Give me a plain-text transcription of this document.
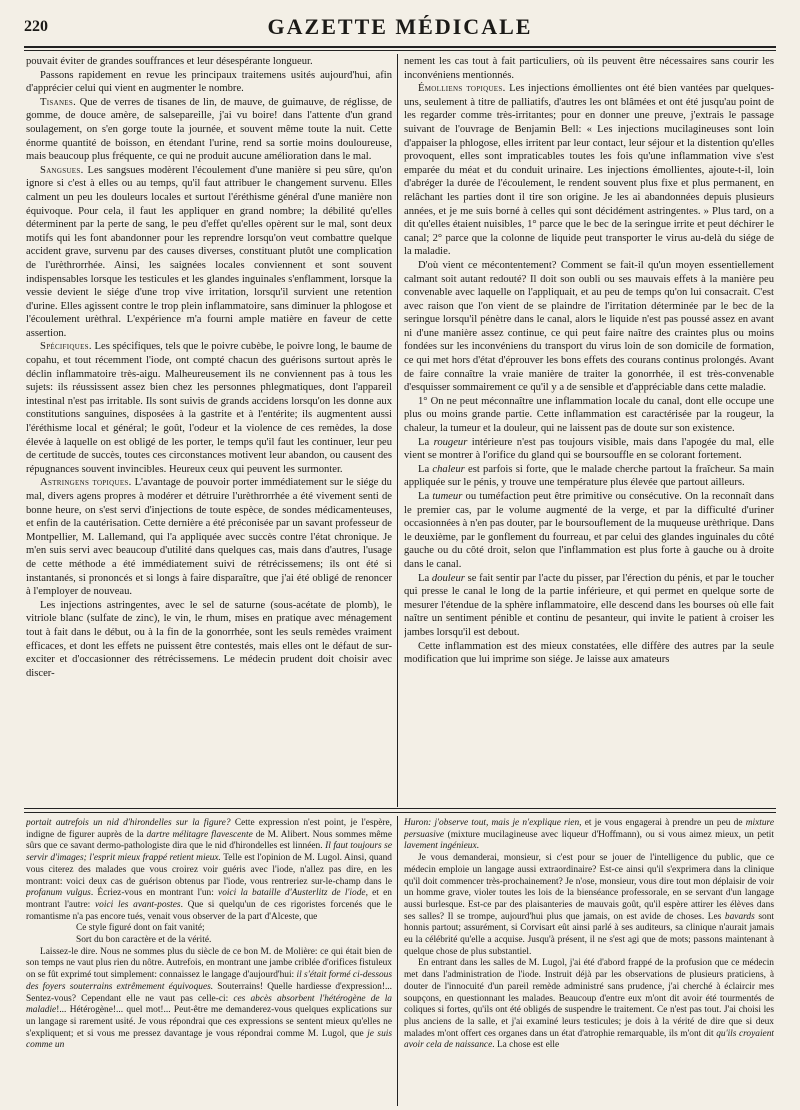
220	GAZETTE MÉDICALE

pouvait éviter de grandes souffrances et leur désespérante longueur.

Passons rapidement en revue les principaux traitemens usités aujourd'hui, afin d'apprécier celui qui vient en augmenter le nombre.

Tisanes. Que de verres de tisanes de lin, de mauve, de guimauve, de réglisse, de gomme, de douce amère, de salsepareille, j'ai vu boire! dans l'attente d'un grand soulagement, on s'en gorge toute la journée, et souvent même toute la nuit. Cette énorme quantité de boisson, en étendant l'urine, rend sa sortie moins douloureuse, mais beaucoup plus fréquente, ce qui ne produit aucune amélioration dans le mal.

Sangsues. Les sangsues modèrent l'écoulement d'une manière si peu sûre, qu'on ignore si c'est à elles ou au temps, qu'il faut attribuer le changement survenu. Elles calment un peu les douleurs locales et surtout l'éréthisme général d'une manière non équivoque. Pour cela, il faut les appliquer en grand nombre; la débilité qu'elles déterminent par la perte de sang, le peu d'effet qu'elles opèrent sur le mal, sont deux motifs qui les font abandonner pour les reprendre lorsqu'on veut combattre quelque accident grave, survenu par des causes diverses, constituant plutôt une complication de l'urèthrorrhée. Ainsi, les saignées locales conviennent et sont souvent indispensables lorsque les testicules et les glandes inguinales s'enflamment, lorsque la vessie devient le siége d'une trop vive irritation, lorsqu'il survient une retention d'urine. Elles agissent contre le trop plein inflammatoire, sans diminuer la phlogose et l'écoulement urèthral. L'expérience m'a fourni ample matière en faveur de cette assertion.

Spécifiques. Les spécifiques, tels que le poivre cubèbe, le poivre long, le baume de copahu, et tout récemment l'iode, ont compté chacun des guérisons surtout après le déclin inflammatoire très-aigu. Malheureusement ils ne conviennent pas à tous les sujets: ils réussissent assez bien chez les personnes phlegmatiques, dont l'appareil intestinal n'est pas irritable. Ils sont suivis de grands accidens lorsqu'on les donne aux constitutions sanguines, disposées à la gastrite et à l'entérite; ils augmentent aussi l'éréthisme local et général; le goût, l'odeur et la violence de ces remèdes, la dose élevée à laquelle on est obligé de les porter, le temps qu'il faut les continuer, leur peu de certitude de succès, toutes ces circonstances motivent leur abandon, ou causent des répugnances souvent invincibles. Heureux ceux qui peuvent les surmonter.

Astringens topiques. L'avantage de pouvoir porter immédiatement sur le siége du mal, divers agens propres à modérer et détruire l'urèthrorrhée a été vivement senti de bonne heure, on s'est servi d'injections de toute espèce, de sondes médicamenteuses, et enfin de la cautérisation. Cette dernière a été préconisée par un savant professeur de Montpellier, M. Lallemand, qui l'a appliquée avec succès contre l'état chronique. Je m'en suis servi avec beaucoup d'utilité dans quelques cas, mais dans d'autres, l'usage de cette méthode a été immédiatement suivi de rétrécissemens; ils ont été si instantanés, si prononcés et si longs à faire disparaître, que j'ai été obligé de renoncer à l'employer de nouveau.

Les injections astringentes, avec le sel de saturne (sous-acétate de plomb), le vitriole blanc (sulfate de zinc), le vin, le rhum, mises en pratique avec ménagement tout à fait dans le début, ou à la fin de la gonorrhée, sont les seuls remèdes vraiment efficaces, et dont les effets ne puissent être contestés, mais elles ont le défaut de sur-exciter et d'occasionner des rétrécissemens. Le médecin prudent doit choisir avec discer-

nement les cas tout à fait particuliers, où ils peuvent être nécessaires sans courir les inconvéniens mentionnés.

Émolliens topiques. Les injections émollientes ont été bien vantées par quelques-uns, seulement à titre de palliatifs, d'autres les ont blâmées et ont été jusqu'au point de les regarder comme très-irritantes; pour en donner une preuve, j'extrais le passage suivant de l'ouvrage de Benjamin Bell: « Les injections mucilagineuses sont loin d'appaiser la phlogose, elles irritent par leur contact, leur séjour et la distention qu'elles provoquent, elles sont impraticables toutes les fois qu'une inflammation vive s'est emparée du méat et du conduit urinaire. Les injections émollientes, ajoute-t-il, loin d'abréger la durée de l'écoulement, le rendent souvent plus fixe et plus permanent, en relâchant les parties dont il tire son origine. Je les ai abandonnées depuis plusieurs années, et je me suis borné à celles qui sont décidément astringentes. » Plus tard, on a dit qu'elles étaient nuisibles, 1° parce que le bec de la seringue irrite et peut déchirer le canal; 2° parce que la colonne de liquide peut transporter le virus au-delà du siége de la maladie.

D'où vient ce mécontentement? Comment se fait-il qu'un moyen essentiellement calmant soit autant redouté? Il doit son oubli ou ses mauvais effets à la manière peu convenable avec laquelle on l'appliquait, et au peu de temps qu'on lui consacrait. C'est avec raison que l'on vient de se plaindre de l'irritation déterminée par le bec de la seringue lorsqu'il pénètre dans le canal, alors le liquide n'est pas poussé assez en avant ni d'une manière assez continue, ce qui peut faire naître des craintes plus ou moins fondées sur les inconvéniens du transport du virus loin de son domicile de formation, ce qui met hors d'état d'éprouver les bons effets des courans continus prolongés. Avant de faire connaître la vraie manière de traiter la gonorrhée, il est très-convenable d'esquisser sommairement ce qu'il y a de sensible et d'appréciable dans cette maladie.

1° On ne peut méconnaître une inflammation locale du canal, dont elle occupe une plus ou moins grande partie. Cette inflammation est caractérisée par la rougeur, la chaleur, la tumeur et la douleur, qui ne laissent pas de doute sur son existence.

La rougeur intérieure n'est pas toujours visible, mais dans l'apogée du mal, elle vient se montrer à l'orifice du gland qui se boursouffle en se colorant fortement.

La chaleur est parfois si forte, que le malade cherche partout la fraîcheur. Sa main appliquée sur le pénis, y trouve une température plus élevée que partout ailleurs.

La tumeur ou tuméfaction peut être primitive ou consécutive. On la reconnaît dans le premier cas, par le volume augmenté de la verge, et par la difficulté d'uriner occasionnées à n'en pas douter, par le boursouflement de la muqueuse urèthrique. Dans le deuxième, par le gonflement du fourreau, et par celui des glandes inguinales du côté gauche ou du côté droit, selon que l'inflammation est plus forte à gauche ou à droite dans le canal.

La douleur se fait sentir par l'acte du pisser, par l'érection du pénis, et par le toucher qui presse le canal le long de la partie inférieure, et qui permet en quelque sorte de mesurer l'étendue de la sphère inflammatoire, elle descend dans les bourses où elle fait naître un sentiment pénible et continu de pesanteur, qui invite le patient à croiser les jambes lorsqu'il est debout.

Cette inflammation est des mieux constatées, elle diffère des autres par la seule modification que lui imprime son siége. Je laisse aux amateurs

portait autrefois un nid d'hirondelles sur la figure? Cette expression n'est point, je l'espère, indigne de figurer auprès de la dartre mélitagre flavescente de M. Alibert. Nous sommes même sûrs que ce savant dermo-pathologiste dira que le nid d'hirondelles est linnéen. Il faut toujours se servir d'images; l'esprit mieux frappé retient mieux. Telle est l'opinion de M. Lugol. Ainsi, quand vous citerez des malades que vous croirez voir guéris avec l'iode, n'allez pas dire, en les montrant: voici deux cas de guérison obtenus par l'iode, vous rentreriez sur-le-champ dans le profanum vulgus. Écriez-vous en montrant l'un: voici la bataille d'Austerlitz de l'iode, et en montrant l'autre: voici les avant-postes. Que si quelqu'un de ces rigoristes forcenés que le romantisme n'a pas encore tués, venait vous observer de la part d'Alceste, que

Ce style figuré dont on fait vanité;

Sort du bon caractère et de la vérité.

Laissez-le dire. Nous ne sommes plus du siècle de ce bon M. de Molière: ce qui était bien de son temps ne vaut plus rien du nôtre. Autrefois, en montrant une jambe criblée d'orifices fistuleux on se fût exprimé tout simplement: connaissez le langage d'aujourd'hui: il s'était formé ci-dessous des foyers souterrains extrêmement équivoques. Souterrains! Quelle hardiesse d'expression!... Sentez-vous? Cependant elle ne vaut pas celle-ci: ces abcès absorbent l'hétérogène de la maladie!... Hétérogène!... quel mot!... Peut-être me demanderez-vous quelques explications sur un langage si rarement usité. Je vous répondrai que ces expressions se sentent mieux qu'elles ne s'expliquent; et si vous me pressez davantage je vous répondrai comme M. Lugol, que je suis comme un

Huron: j'observe tout, mais je n'explique rien, et je vous engagerai à prendre un peu de mixture persuasive (mixture mucilagineuse avec liqueur d'Hoffmann), ou si vous aimez mieux, un petit lavement ingénieux.

Je vous demanderai, monsieur, si c'est pour se jouer de l'intelligence du public, que ce médecin emploie un langage aussi extraordinaire? Est-ce ainsi qu'il s'exprimera dans la clinique qu'il doit commencer très-prochainement? Je n'ose, monsieur, vous dire tout mon déplaisir de voir un homme grave, violer toutes les lois de la bienséance professorale, en se servant d'un langage aussi burlesque. Est-ce par des plaisanteries de mauvais goût, qu'il espère attirer les élèves dans ses salles? Il se trompe, aujourd'hui plus que jamais, on est avide de choses. Les bavards sont honnis partout; assurément, si Corvisart eût ainsi parlé à ses auditeurs, sa clinique n'aurait jamais eu la célébrité qu'elle a acquise. Jusqu'à présent, il ne s'est agi que de mots; passons maintenant à quelque chose de plus substantiel.

En entrant dans les salles de M. Lugol, j'ai été d'abord frappé de la profusion que ce médecin met dans l'administration de l'iode. Instruit déjà par les observations de plusieurs praticiens, à douter de l'innocuité d'un pareil remède administré sans prudence, j'ai cherché à éclaircir mes soupçons, en questionnant les malades. Beaucoup d'entre eux m'ont dit avoir été tourmentés de coliques si fortes, qu'ils ont été obligés de suspendre le traitement. Ce n'est pas tout. J'ai choisi les plus anciens de la salle, et j'ai examiné leurs testicules; je dois à la vérité de dire que si deux malades m'ont offert ces organes dans un état d'atrophie remarquable, ils m'ont dit qu'ils croyaient avoir cela de naissance. La chose est elle
